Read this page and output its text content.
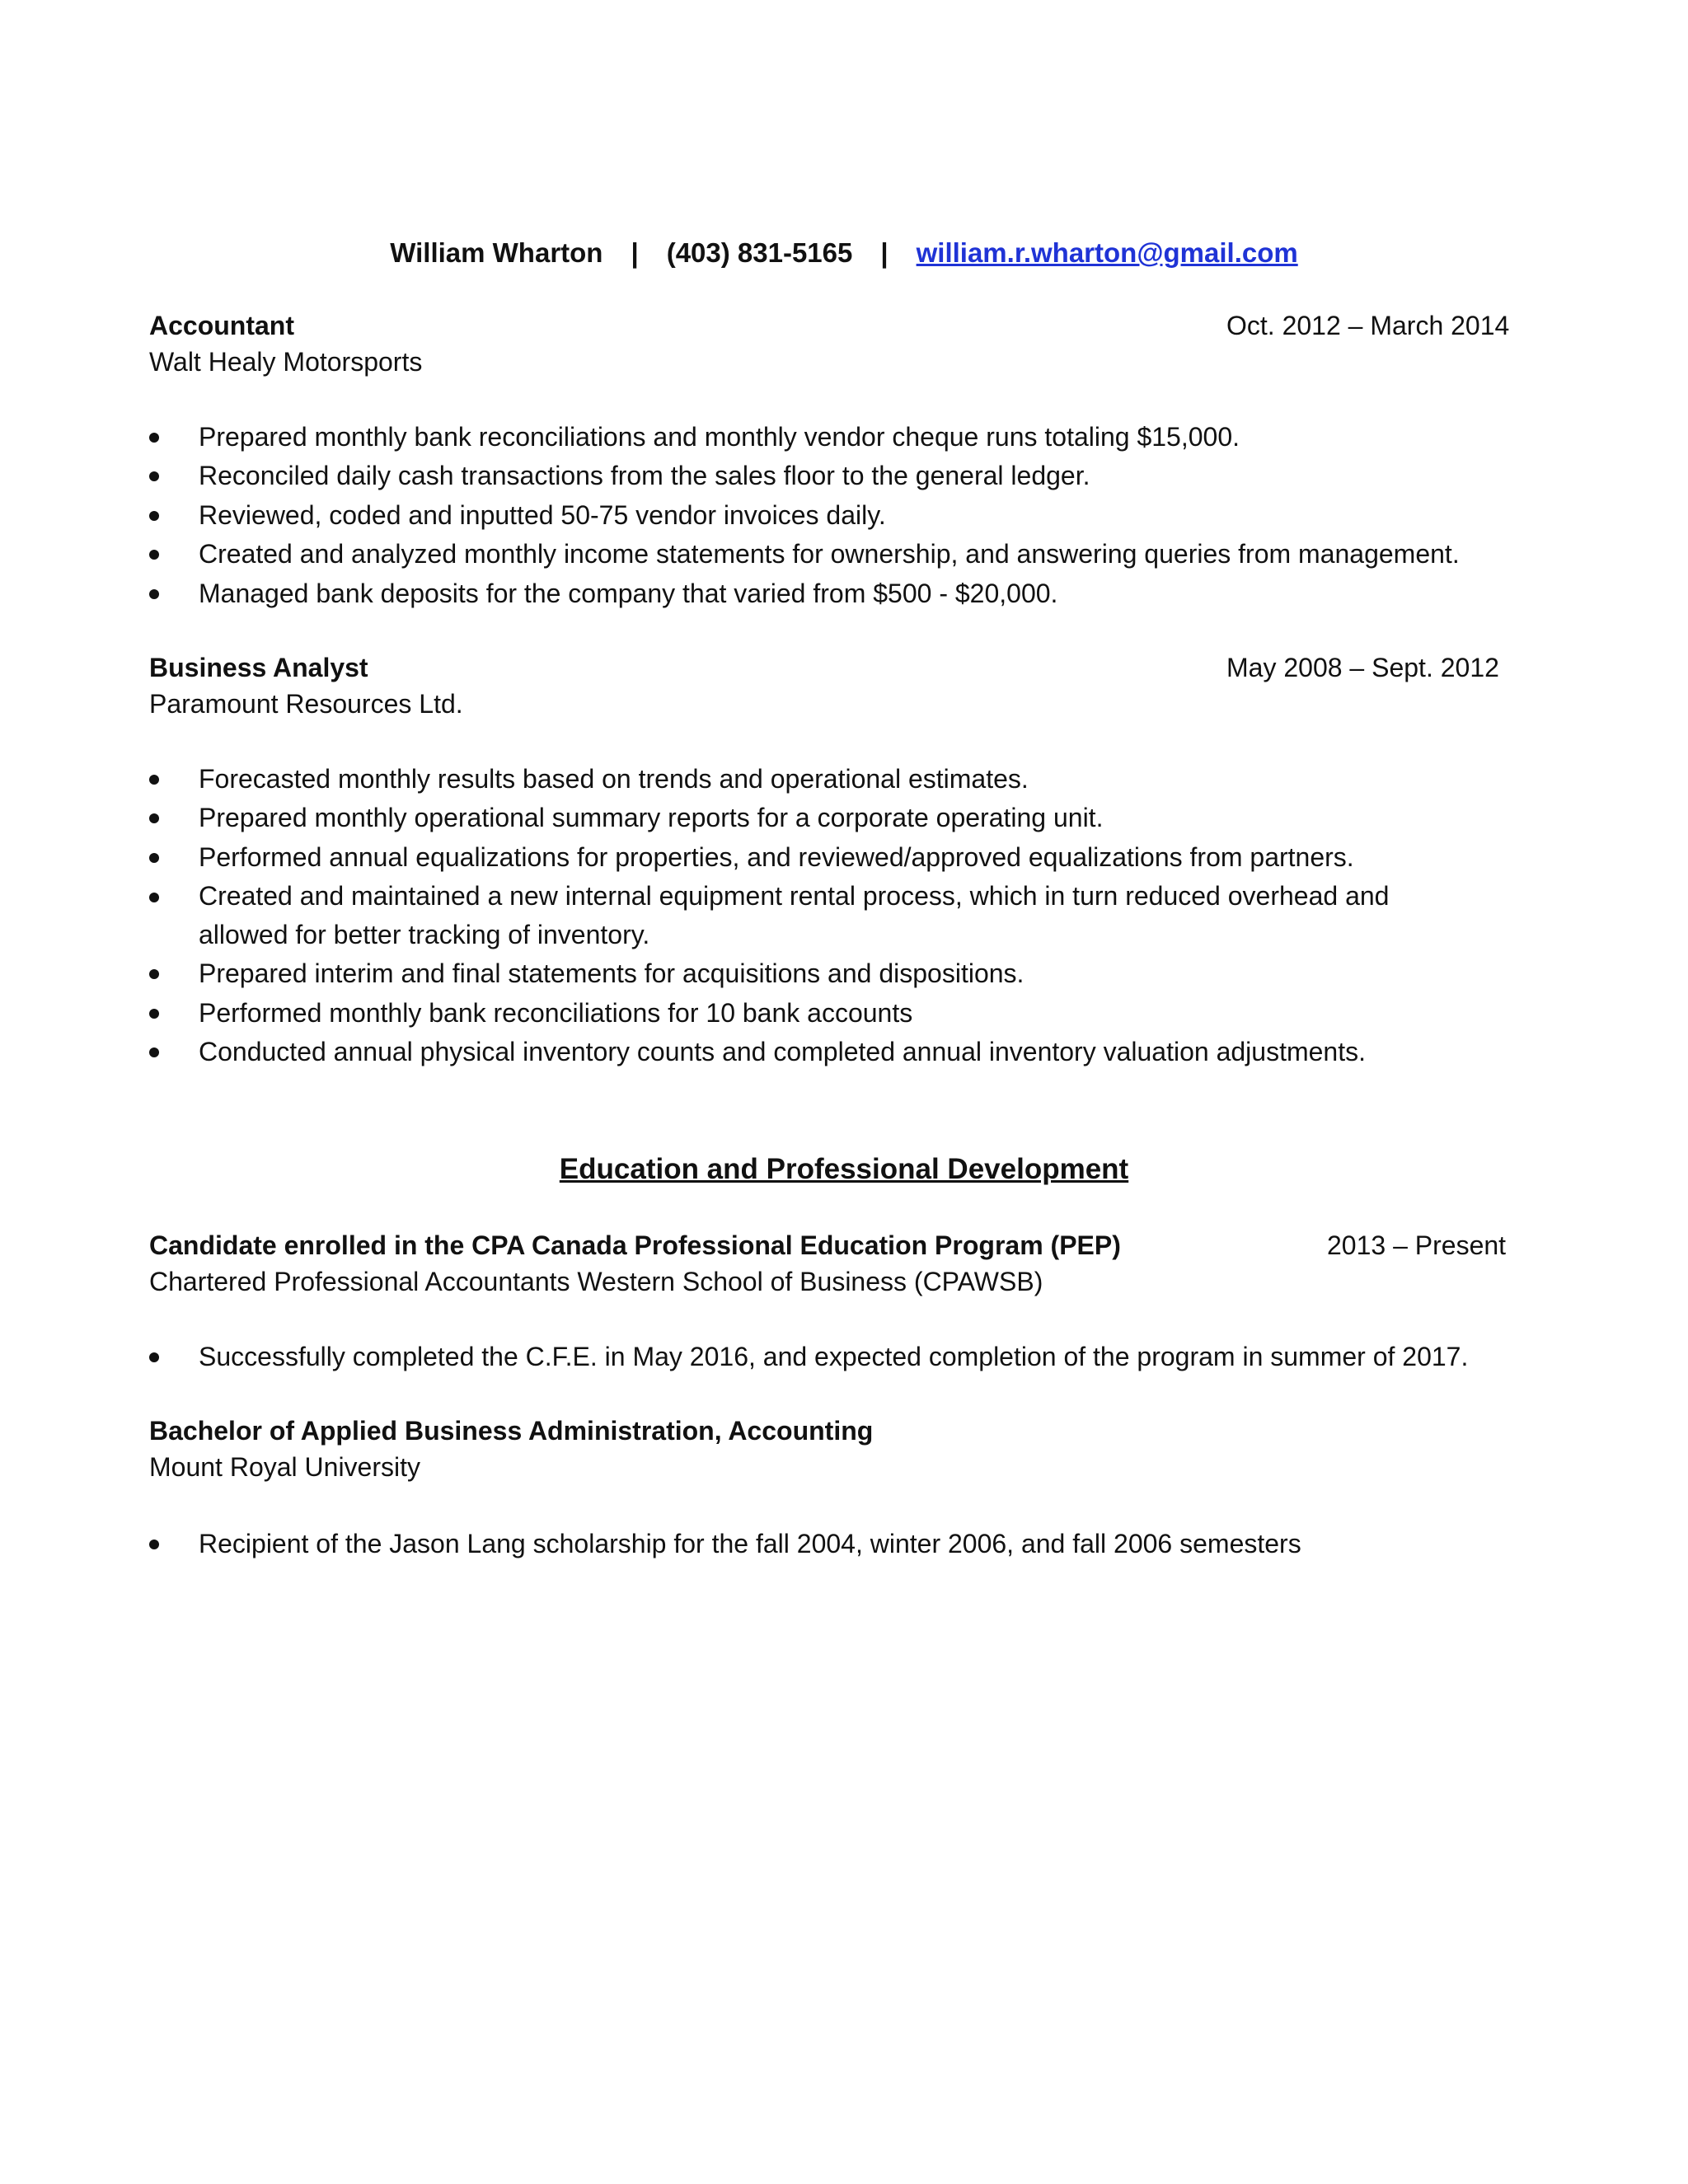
William Wharton | (403) 831-5165 | william.r.wharton@gmail.com
Accountant	Oct. 2012 – March 2014
Walt Healy Motorsports
Prepared monthly bank reconciliations and monthly vendor cheque runs totaling $15,000.
Reconciled daily cash transactions from the sales floor to the general ledger.
Reviewed, coded and inputted 50-75 vendor invoices daily.
Created and analyzed monthly income statements for ownership, and answering queries from management.
Managed bank deposits for the company that varied from $500 - $20,000.
Business Analyst	May 2008 – Sept. 2012
Paramount Resources Ltd.
Forecasted monthly results based on trends and operational estimates.
Prepared monthly operational summary reports for a corporate operating unit.
Performed annual equalizations for properties, and reviewed/approved equalizations from partners.
Created and maintained a new internal equipment rental process, which in turn reduced overhead and allowed for better tracking of inventory.
Prepared interim and final statements for acquisitions and dispositions.
Performed monthly bank reconciliations for 10 bank accounts
Conducted annual physical inventory counts and completed annual inventory valuation adjustments.
Education and Professional Development
Candidate enrolled in the CPA Canada Professional Education Program (PEP)	2013 – Present
Chartered Professional Accountants Western School of Business (CPAWSB)
Successfully completed the C.F.E. in May 2016, and expected completion of the program in summer of 2017.
Bachelor of Applied Business Administration, Accounting
Mount Royal University
Recipient of the Jason Lang scholarship for the fall 2004, winter 2006, and fall 2006 semesters
